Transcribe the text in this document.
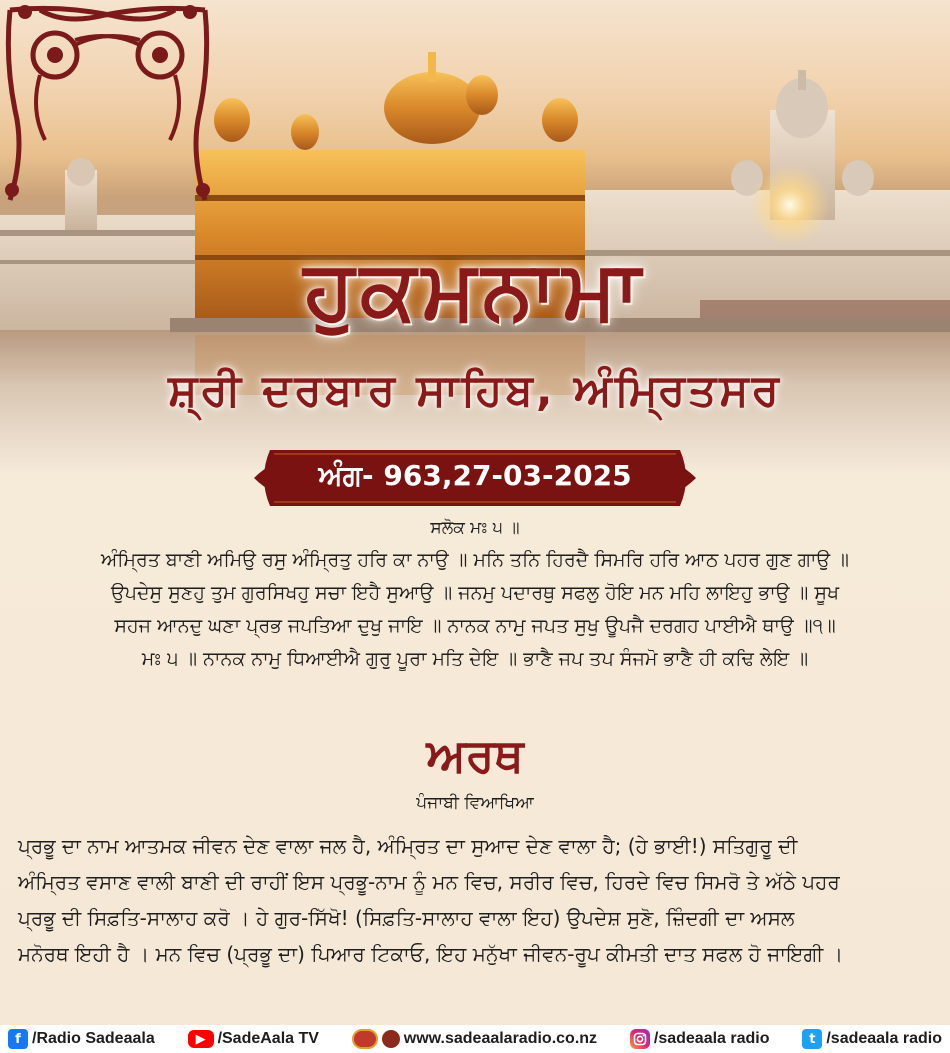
ਹੁਕਮਨਾਮਾ
ਸ਼੍ਰੀ ਦਰਬਾਰ ਸਾਹਿਬ, ਅੰਮ੍ਰਿਤਸਰ
ਅੰਗ- 963,27-03-2025
ਸਲੋਕ ਮਃ ੫ ॥
ਅੰਮ੍ਰਿਤ ਬਾਣੀ ਅਮਿਉ ਰਸੁ ਅੰਮ੍ਰਿਤੁ ਹਰਿ ਕਾ ਨਾਉ ॥ ਮਨਿ ਤਨਿ ਹਿਰਦੈ ਸਿਮਰਿ ਹਰਿ ਆਠ ਪਹਰ ਗੁਣ ਗਾਉ ॥
ਉਪਦੇਸੁ ਸੁਣਹੁ ਤੁਮ ਗੁਰਸਿਖਹੁ ਸਚਾ ਇਹੈ ਸੁਆਉ ॥ ਜਨਮੁ ਪਦਾਰਥੁ ਸਫਲੁ ਹੋਇ ਮਨ ਮਹਿ ਲਾਇਹੁ ਭਾਉ ॥ ਸੂਖ
ਸਹਜ ਆਨਦੁ ਘਣਾ ਪ੍ਰਭ ਜਪਤਿਆ ਦੁਖੁ ਜਾਇ ॥ ਨਾਨਕ ਨਾਮੁ ਜਪਤ ਸੁਖੁ ਊਪਜੈ ਦਰਗਹ ਪਾਈਐ ਥਾਉ ॥੧॥
ਮਃ ੫ ॥ ਨਾਨਕ ਨਾਮੁ ਧਿਆਈਐ ਗੁਰੁ ਪੂਰਾ ਮਤਿ ਦੇਇ ॥ ਭਾਣੈ ਜਪ ਤਪ ਸੰਜਮੋ ਭਾਣੈ ਹੀ ਕਢਿ ਲੇਇ ॥
ਅਰਥ
ਪੰਜਾਬੀ ਵਿਆਖਿਆ
ਪ੍ਰਭੂ ਦਾ ਨਾਮ ਆਤਮਕ ਜੀਵਨ ਦੇਣ ਵਾਲਾ ਜਲ ਹੈ, ਅੰਮ੍ਰਿਤ ਦਾ ਸੁਆਦ ਦੇਣ ਵਾਲਾ ਹੈ; (ਹੇ ਭਾਈ!) ਸਤਿਗੁਰੂ ਦੀ
ਅੰਮ੍ਰਿਤ ਵਸਾਣ ਵਾਲੀ ਬਾਣੀ ਦੀ ਰਾਹੀਂ ਇਸ ਪ੍ਰਭੂ-ਨਾਮ ਨੂੰ ਮਨ ਵਿਚ, ਸਰੀਰ ਵਿਚ, ਹਿਰਦੇ ਵਿਚ ਸਿਮਰੋ ਤੇ ਅੱਠੇ ਪਹਰ
ਪ੍ਰਭੂ ਦੀ ਸਿਫ਼ਤਿ-ਸਾਲਾਹ ਕਰੋ । ਹੇ ਗੁਰ-ਸਿੱਖੋ! (ਸਿਫ਼ਤਿ-ਸਾਲਾਹ ਵਾਲਾ ਇਹ) ਉਪਦੇਸ਼ ਸੁਣੋ, ਜ਼ਿੰਦਗੀ ਦਾ ਅਸਲ
ਮਨੋਰਥ ਇਹੀ ਹੈ । ਮਨ ਵਿਚ (ਪ੍ਰਭੂ ਦਾ) ਪਿਆਰ ਟਿਕਾਓ, ਇਹ ਮਨੁੱਖਾ ਜੀਵਨ-ਰੂਪ ਕੀਮਤੀ ਦਾਤ ਸਫਲ ਹੋ ਜਾਇਗੀ ।
f /Radio Sadeaala	▶ /SadeAala TV	www.sadeaalaradio.co.nz	/sadeaala radio	t /sadeaala radio
